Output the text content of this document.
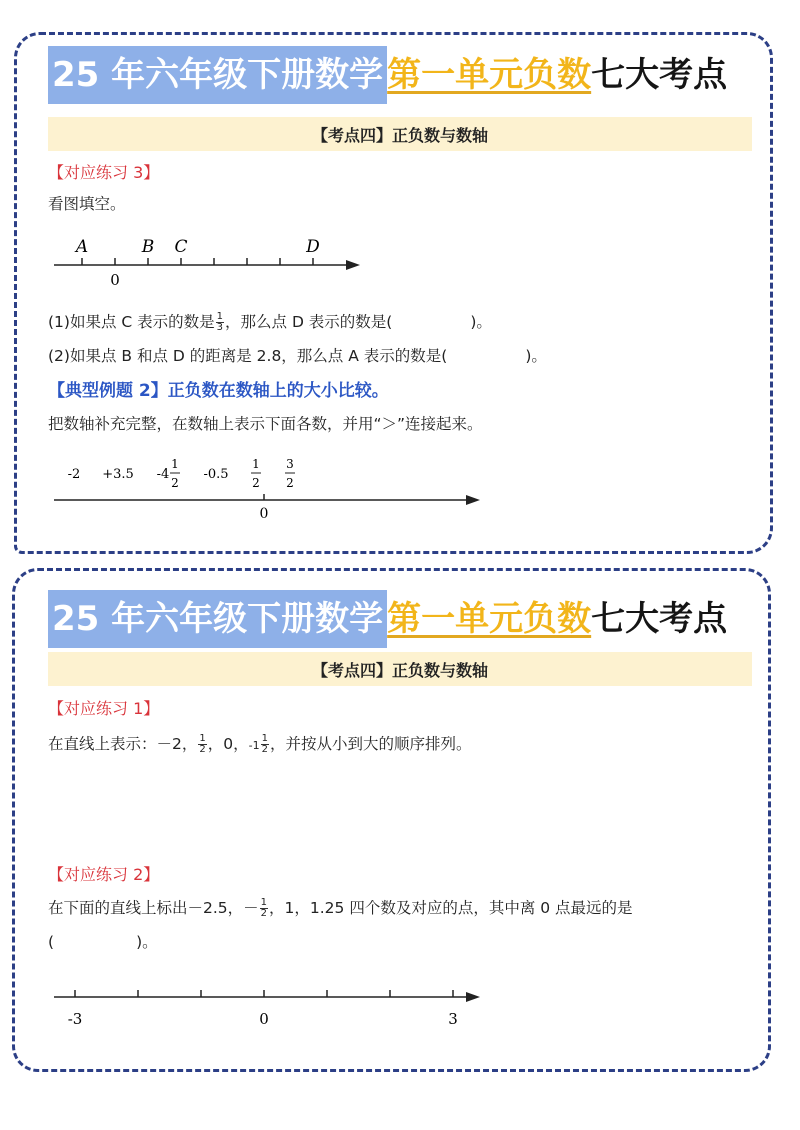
25 年六年级下册数学 第一单元负数 七大考点
【考点四】正负数与数轴
【对应练习 3】
看图填空。
A	B C	D
0
(1)如果点 C 表示的数是 $\frac{1}{3}$ ，那么点 D 表示的数是(	)。
(2)如果点 B 和点 D 的距离是 2.8，那么点 A 表示的数是(	)。
【典型例题 2】正负数在数轴上的大小比较。
把数轴补充完整，在数轴上表示下面各数，并用“＞”连接起来。
-2 +3.5 -4
1
2
-0.5
1
2
3
2
0
25 年六年级下册数学 第一单元负数 七大考点
【考点四】正负数与数轴
【对应练习 1】
在直线上表示：－2， $\frac{1}{2}$ ，0，$-1 \frac{1}{2}$ ，并按从小到大的顺序排列。
【对应练习 2】
在下面的直线上标出－2.5，－ $\frac{1}{2}$ ，1，1.25 四个数及对应的点，其中离 0 点最远的是
(	)。
-3	0	3
